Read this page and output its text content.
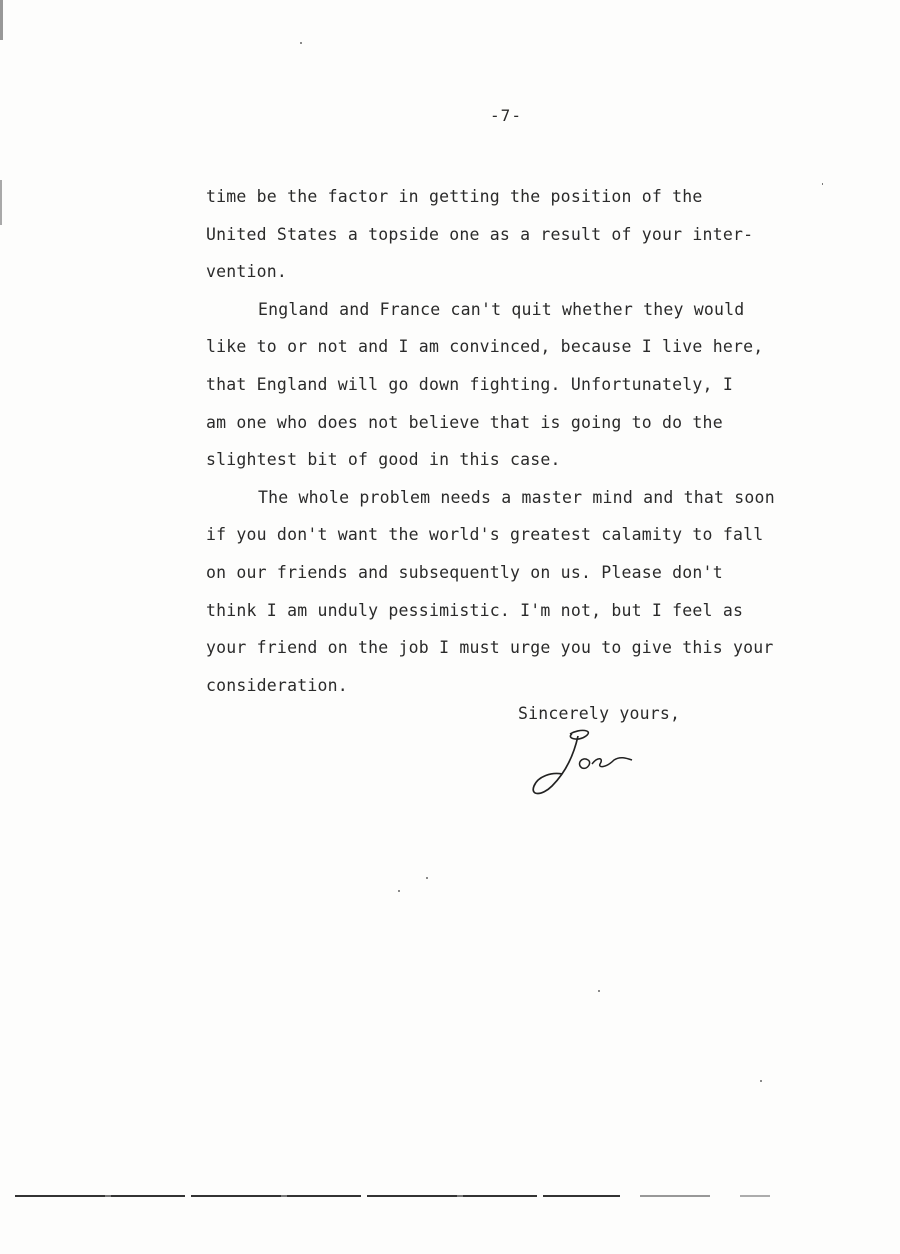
-7-

time be the factor in getting the position of the

United States a topside one as a result of your inter-

vention.

England and France can't quit whether they would

like to or not and I am convinced, because I live here,

that England will go down fighting. Unfortunately, I

am one who does not believe that is going to do the

slightest bit of good in this case.

The whole problem needs a master mind and that soon

if you don't want the world's greatest calamity to fall

on our friends and subsequently on us. Please don't

think I am unduly pessimistic. I'm not, but I feel as

your friend on the job I must urge you to give this your

consideration.

Sincerely yours,
